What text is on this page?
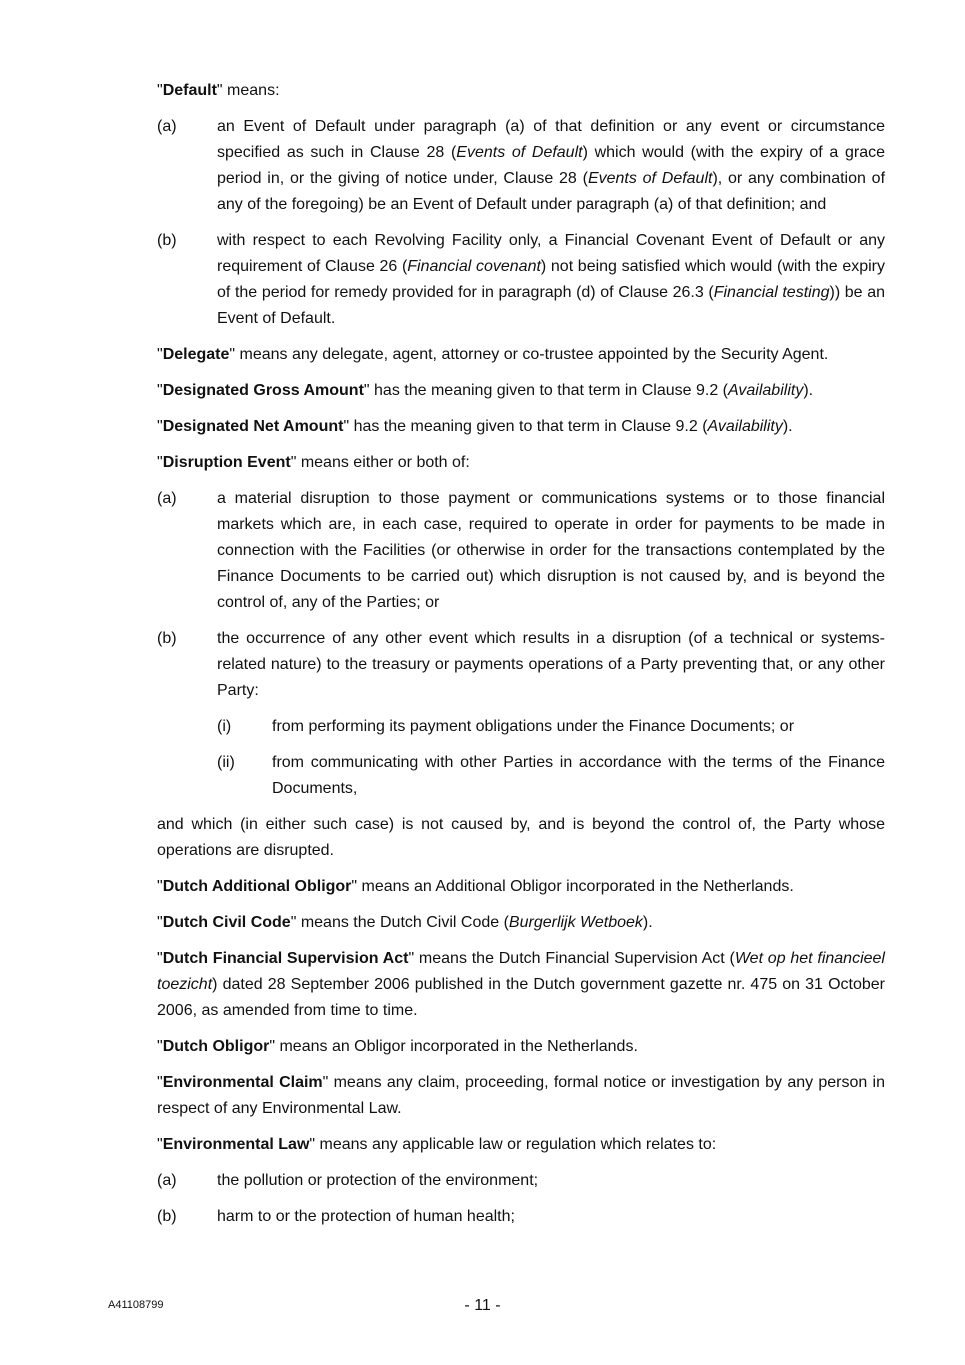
"Default" means:

(a)	an Event of Default under paragraph (a) of that definition or any event or circumstance specified as such in Clause 28 (Events of Default) which would (with the expiry of a grace period in, or the giving of notice under, Clause 28 (Events of Default), or any combination of any of the foregoing) be an Event of Default under paragraph (a) of that definition; and
(b)	with respect to each Revolving Facility only, a Financial Covenant Event of Default or any requirement of Clause 26 (Financial covenant) not being satisfied which would (with the expiry of the period for remedy provided for in paragraph (d) of Clause 26.3 (Financial testing)) be an Event of Default.

"Delegate" means any delegate, agent, attorney or co-trustee appointed by the Security Agent.

"Designated Gross Amount" has the meaning given to that term in Clause 9.2 (Availability).

"Designated Net Amount" has the meaning given to that term in Clause 9.2 (Availability).

"Disruption Event" means either or both of:

(a)	a material disruption to those payment or communications systems or to those financial markets which are, in each case, required to operate in order for payments to be made in connection with the Facilities (or otherwise in order for the transactions contemplated by the Finance Documents to be carried out) which disruption is not caused by, and is beyond the control of, any of the Parties; or
(b)	the occurrence of any other event which results in a disruption (of a technical or systems-related nature) to the treasury or payments operations of a Party preventing that, or any other Party:
(i)	from performing its payment obligations under the Finance Documents; or
(ii)	from communicating with other Parties in accordance with the terms of the Finance Documents,

and which (in either such case) is not caused by, and is beyond the control of, the Party whose operations are disrupted.

"Dutch Additional Obligor" means an Additional Obligor incorporated in the Netherlands.

"Dutch Civil Code" means the Dutch Civil Code (Burgerlijk Wetboek).

"Dutch Financial Supervision Act" means the Dutch Financial Supervision Act (Wet op het financieel toezicht) dated 28 September 2006 published in the Dutch government gazette nr. 475 on 31 October 2006, as amended from time to time.

"Dutch Obligor" means an Obligor incorporated in the Netherlands.

"Environmental Claim" means any claim, proceeding, formal notice or investigation by any person in respect of any Environmental Law.

"Environmental Law" means any applicable law or regulation which relates to:

(a)	the pollution or protection of the environment;
(b)	harm to or the protection of human health;
A41108799	- 11 -
